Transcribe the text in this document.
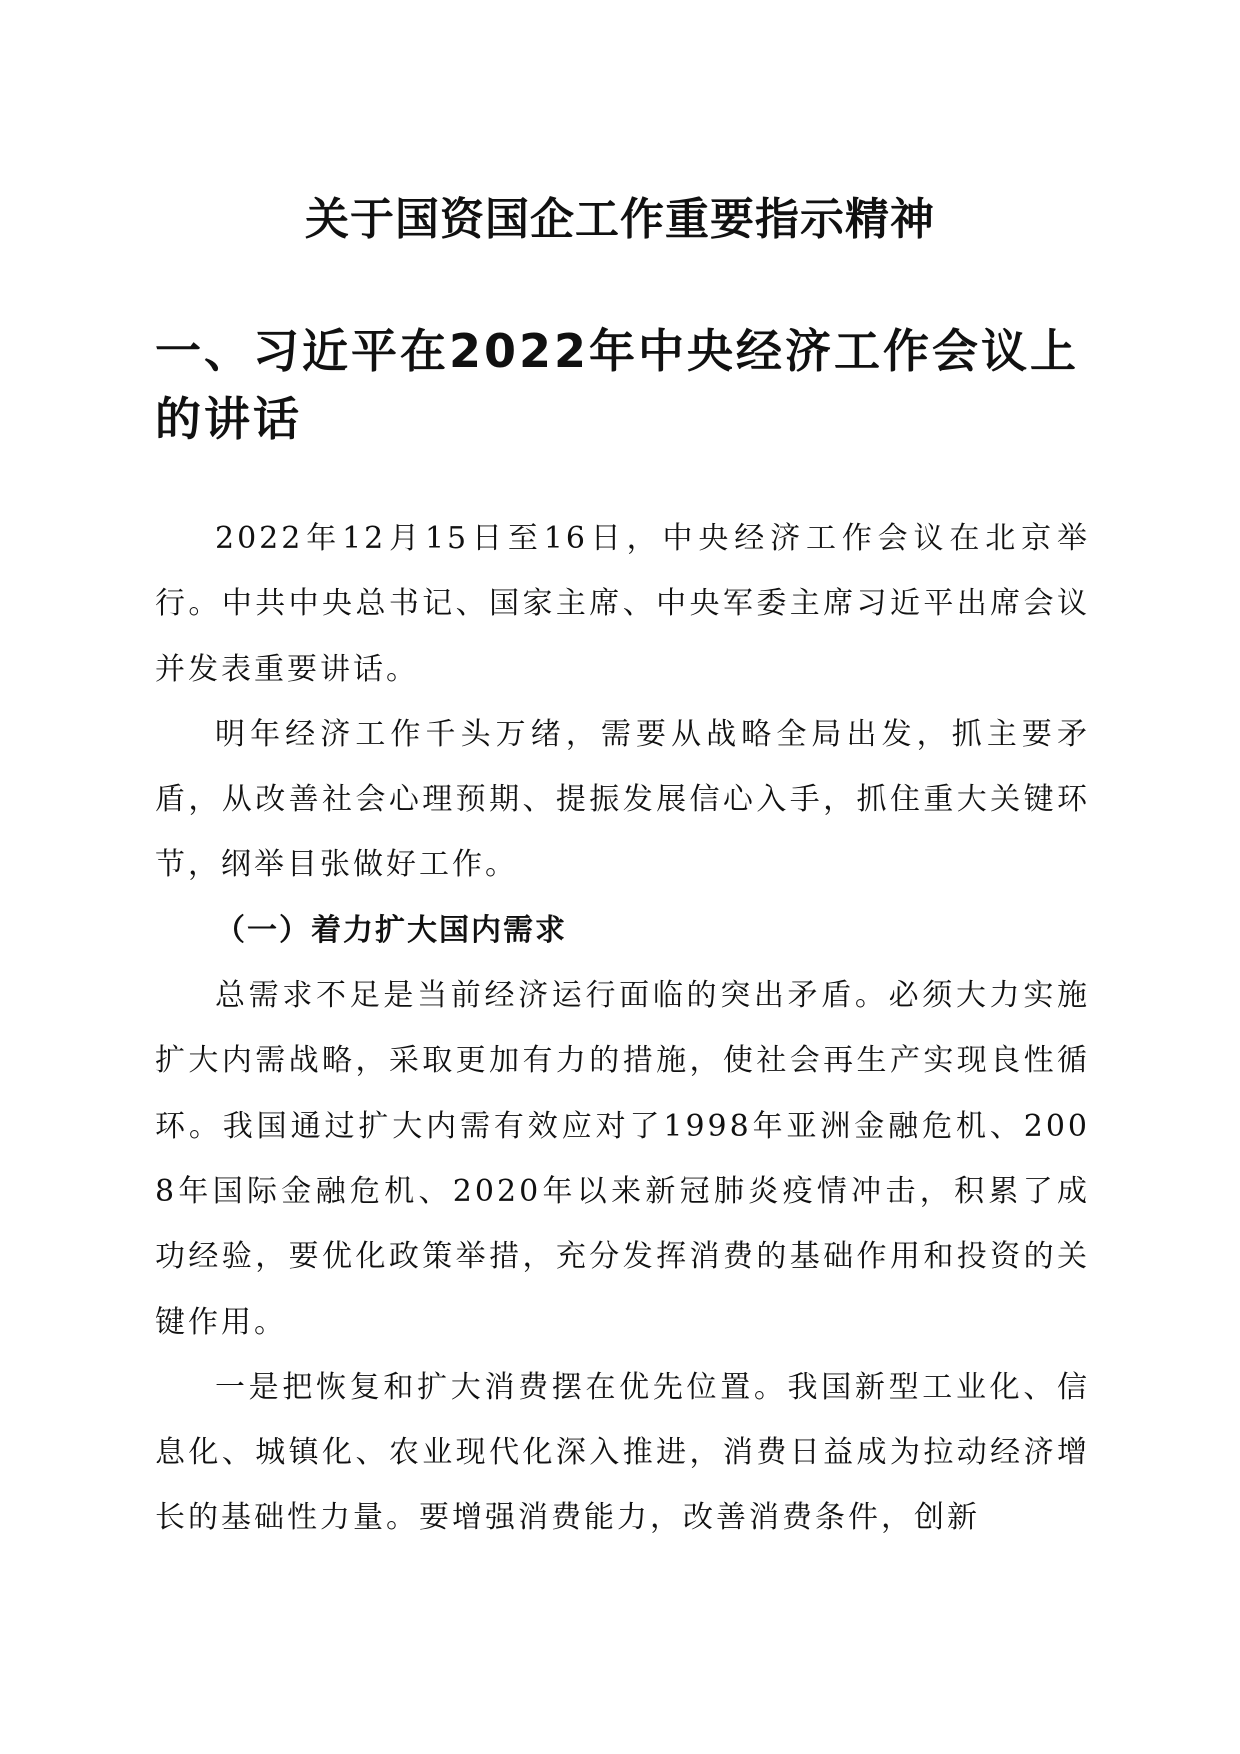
关于国资国企工作重要指示精神
一、习近平在2022年中央经济工作会议上的讲话

2022年12月15日至16日，中央经济工作会议在北京举行。中共中央总书记、国家主席、中央军委主席习近平出席会议并发表重要讲话。

明年经济工作千头万绪，需要从战略全局出发，抓主要矛盾，从改善社会心理预期、提振发展信心入手，抓住重大关键环节，纲举目张做好工作。

（一）着力扩大国内需求

总需求不足是当前经济运行面临的突出矛盾。必须大力实施扩大内需战略，采取更加有力的措施，使社会再生产实现良性循环。我国通过扩大内需有效应对了1998年亚洲金融危机、2008年国际金融危机、2020年以来新冠肺炎疫情冲击，积累了成功经验，要优化政策举措，充分发挥消费的基础作用和投资的关键作用。

一是把恢复和扩大消费摆在优先位置。我国新型工业化、信息化、城镇化、农业现代化深入推进，消费日益成为拉动经济增长的基础性力量。要增强消费能力，改善消费条件，创新
